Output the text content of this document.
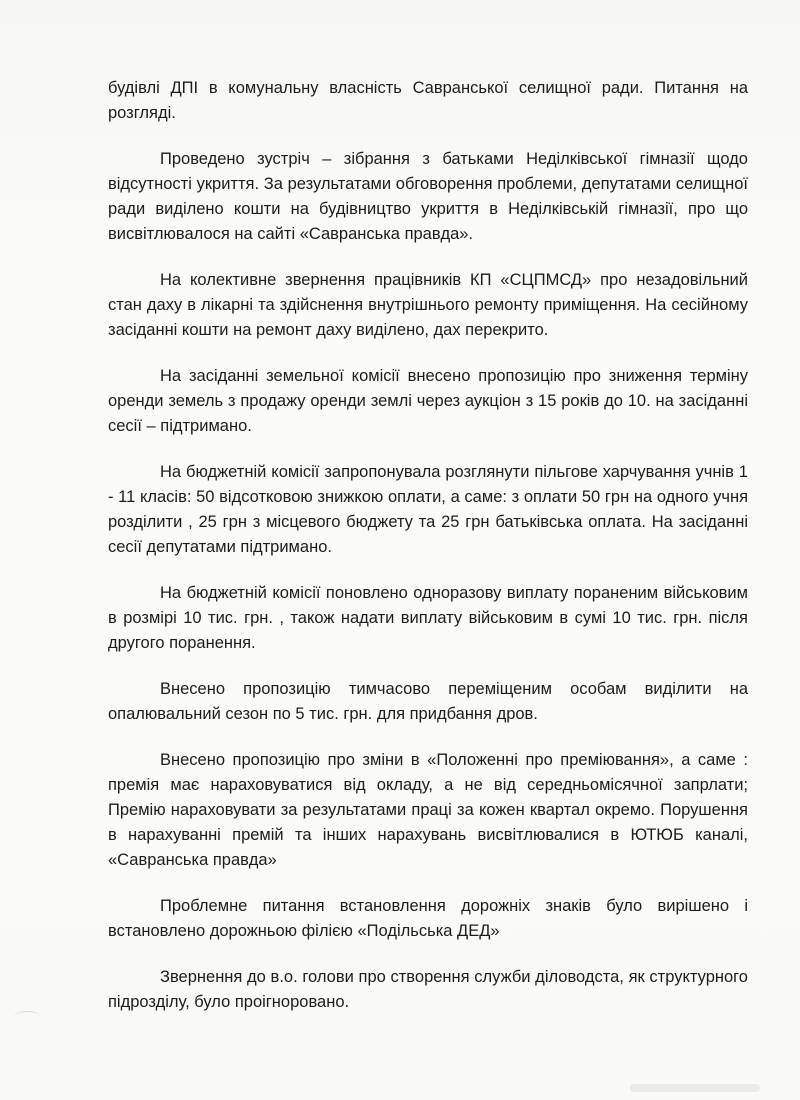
будівлі ДПІ в комунальну власність Савранської селищної ради. Питання на розгляді.

Проведено зустріч – зібрання з батьками Неділківської гімназії щодо відсутності укриття. За результатами обговорення проблеми, депутатами селищної ради виділено кошти на будівництво укриття в Неділківській гімназії, про що висвітлювалося на сайті «Савранська правда».

На колективне звернення працівників КП «СЦПМСД» про незадовільний стан даху в лікарні та здійснення внутрішнього ремонту приміщення. На сесійному засіданні кошти на ремонт даху виділено, дах перекрито.

На засіданні земельної комісії внесено пропозицію про зниження терміну оренди земель з продажу оренди землі через аукціон з 15 років до 10. на засіданні сесії – підтримано.

На бюджетній комісії запропонувала розглянути пільгове харчування учнів 1 - 11 класів: 50 відсотковою знижкою оплати, а саме: з оплати 50 грн на одного учня розділити , 25 грн з місцевого бюджету та 25 грн батьківська оплата. На засіданні сесії депутатами підтримано.

На бюджетній комісії поновлено одноразову виплату пораненим військовим в розмірі 10 тис. грн. , також надати виплату військовим в сумі 10 тис. грн. після другого поранення.

Внесено пропозицію тимчасово переміщеним особам виділити на опалювальний сезон по 5 тис. грн. для придбання дров.

Внесено пропозицію про зміни в «Положенні про преміювання», а саме : премія має нараховуватися від окладу, а не від середньомісячної запрлати; Премію нараховувати за результатами праці за кожен квартал окремо. Порушення в нарахуванні премій та інших нарахувань висвітлювалися в ЮТЮБ каналі, «Савранська правда»

Проблемне питання встановлення дорожніх знаків було вирішено і встановлено дорожньою філією «Подільська ДЕД»

Звернення до в.о. голови про створення служби діловодста, як структурного підрозділу, було проігноровано.
